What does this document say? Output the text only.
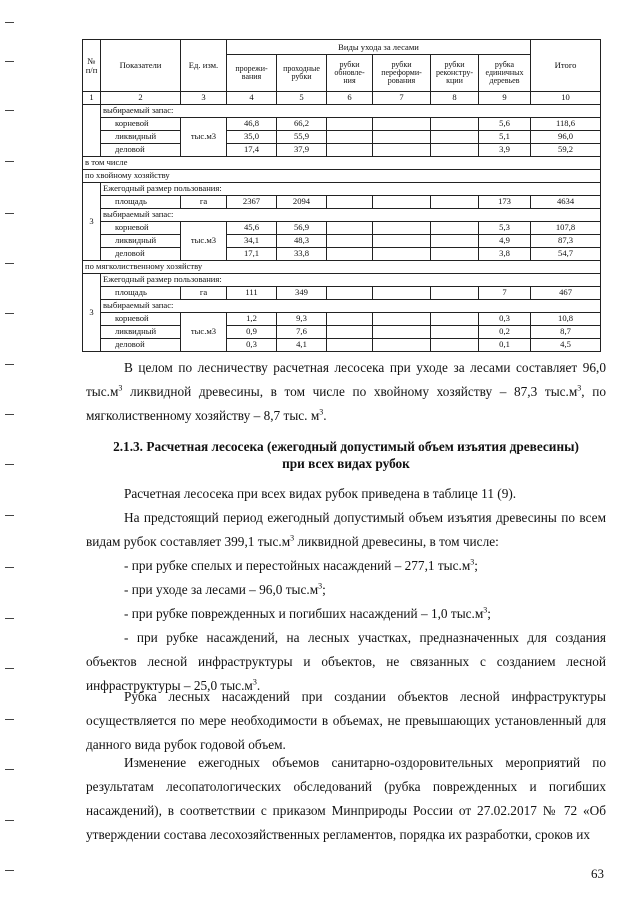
№ п/п	Показатели	Ед. изм.	Виды ухода за лесами						Итого
			прорежи-вания	проходные рубки	рубки обновле-ния	рубки переформи-рования	рубки реконстру-кции	рубка единичных деревьев	
1	2	3	4	5	6	7	8	9	10
	выбираемый запас:								
	корневой	тыс.м3	46,8	66,2				5,6	118,6
	ликвидный		35,0	55,9				5,1	96,0
	деловой		17,4	37,9				3,9	59,2
в том числе									
по хвойному хозяйству									
3	Ежегодный размер пользования:								
	площадь	га	2367	2094				173	4634
	выбираемый запас:								
	корневой	тыс.м3	45,6	56,9				5,3	107,8
	ликвидный		34,1	48,3				4,9	87,3
	деловой		17,1	33,8				3,8	54,7
по мягколиственному хозяйству									
3	Ежегодный размер пользования:								
	площадь	га	111	349				7	467
	выбираемый запас:								
	корневой	тыс.м3	1,2	9,3				0,3	10,8
	ликвидный		0,9	7,6				0,2	8,7
	деловой		0,3	4,1				0,1	4,5

В целом по лесничеству расчетная лесосека при уходе за лесами составляет 96,0 $тыс.м^3$ ликвидной древесины, в том числе по хвойному хозяйству – 87,3 $тыс.м^3$, по мягколиственному хозяйству – 8,7 тыс. $м^3$.

2.1.3. Расчетная лесосека (ежегодный допустимый объем изъятия древесины)
при всех видах рубок

Расчетная лесосека при всех видах рубок приведена в таблице 11 (9).

На предстоящий период ежегодный допустимый объем изъятия древесины по всем видам рубок составляет 399,1 $тыс.м^3$ ликвидной древесины, в том числе:

- при рубке спелых и перестойных насаждений – 277,1 $тыс.м^3$;

- при уходе за лесами – 96,0 $тыс.м^3$;

- при рубке поврежденных и погибших насаждений – 1,0 $тыс.м^3$;

- при рубке насаждений, на лесных участках, предназначенных для создания объектов лесной инфраструктуры и объектов, не связанных с созданием лесной инфраструктуры – 25,0 $тыс.м^3$.

Рубка лесных насаждений при создании объектов лесной инфраструктуры осуществляется по мере необходимости в объемах, не превышающих установленный для данного вида рубок годовой объем.

Изменение ежегодных объемов санитарно-оздоровительных мероприятий по результатам лесопатологических обследований (рубка поврежденных и погибших насаждений), в соответствии с приказом Минприроды России от 27.02.2017 № 72 «Об утверждении состава лесохозяйственных регламентов, порядка их разработки, сроков их

63
